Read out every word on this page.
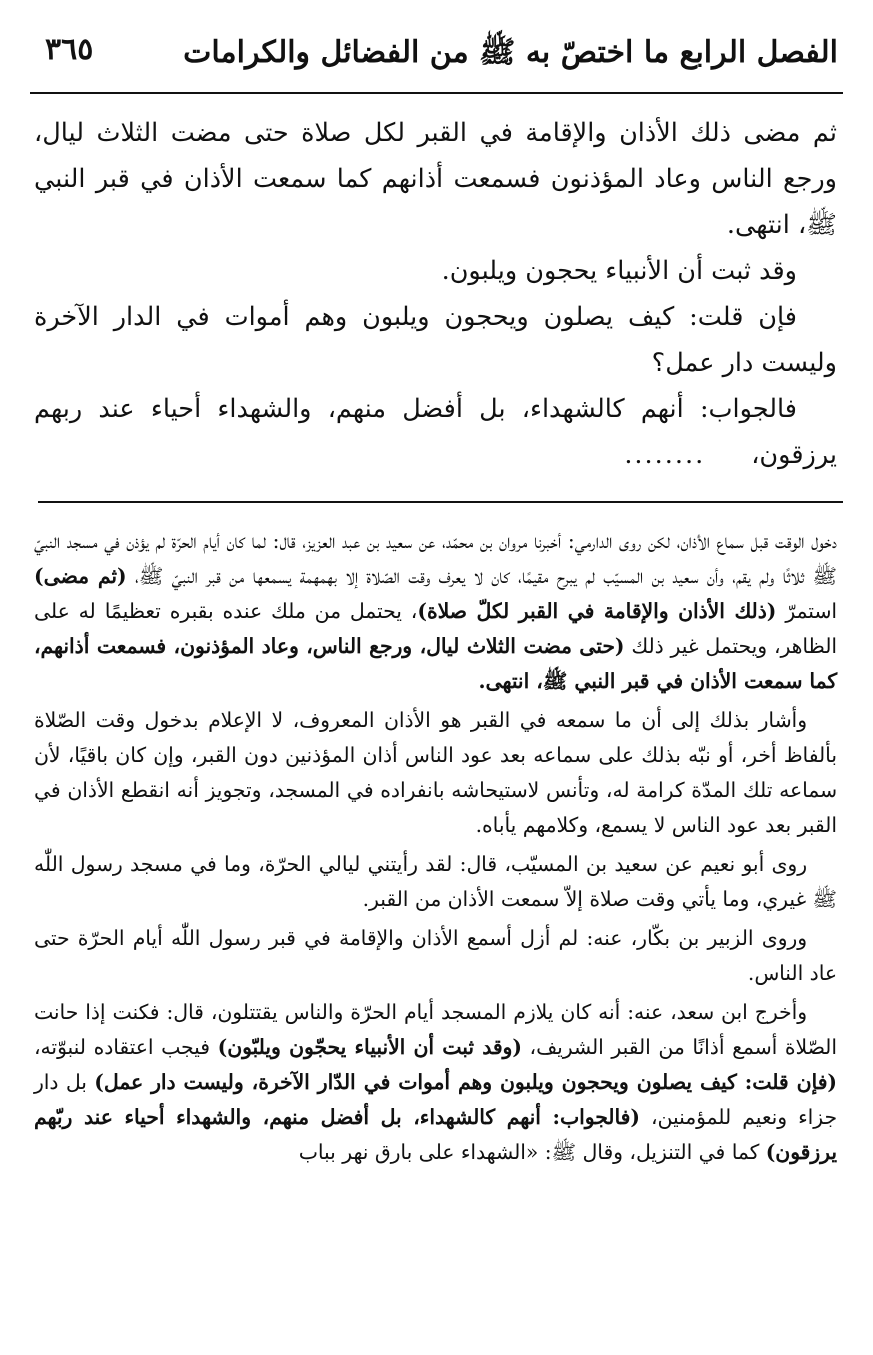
الفصل الرابع ما اختصّ به ﷺ من الفضائل والكرامات
٣٦٥

ثم مضى ذلك الأذان والإقامة في القبر لكل صلاة حتى مضت الثلاث ليال، ورجع الناس وعاد المؤذنون فسمعت أذانهم كما سمعت الأذان في قبر النبي ﷺ، انتهى.

وقد ثبت أن الأنبياء يحجون ويلبون.

فإن قلت: كيف يصلون ويحجون ويلبون وهم أموات في الدار الآخرة وليست دار عمل؟

فالجواب: أنهم كالشهداء، بل أفضل منهم، والشهداء أحياء عند ربهم يرزقون،........

دخول الوقت قبل سماع الأذان، لكن روى الدارمي: أخبرنا مروان بن محمّد، عن سعيد بن عبد العزيز، قال: لما كان أيام الحرّة لم يؤذن في مسجد النبيّ ﷺ ثلاثًا ولم يقم، وأن سعيد بن المسيّب لم يبرح مقيمًا، كان لا يعرف وقت الصّلاة إلا بهمهمة يسمعها من قبر النبيّ ﷺ، (ثم مضى) استمرّ (ذلك الأذان والإقامة في القبر لكلّ صلاة)، يحتمل من ملك عنده بقبره تعظيمًا له على الظاهر، ويحتمل غير ذلك (حتى مضت الثلاث ليال، ورجع الناس، وعاد المؤذنون، فسمعت أذانهم، كما سمعت الأذان في قبر النبي ﷺ، انتهى.

وأشار بذلك إلى أن ما سمعه في القبر هو الأذان المعروف، لا الإعلام بدخول وقت الصّلاة بألفاظ أخر، أو نبّه بذلك على سماعه بعد عود الناس أذان المؤذنين دون القبر، وإن كان باقيًا، لأن سماعه تلك المدّة كرامة له، وتأنس لاستيحاشه بانفراده في المسجد، وتجويز أنه انقطع الأذان في القبر بعد عود الناس لا يسمع، وكلامهم يأباه.

روى أبو نعيم عن سعيد بن المسيّب، قال: لقد رأيتني ليالي الحرّة، وما في مسجد رسول اللّٰه ﷺ غيري، وما يأتي وقت صلاة إلاّ سمعت الأذان من القبر.

وروى الزبير بن بكّار، عنه: لم أزل أسمع الأذان والإقامة في قبر رسول اللّٰه أيام الحرّة حتى عاد الناس.

وأخرج ابن سعد، عنه: أنه كان يلازم المسجد أيام الحرّة والناس يقتتلون، قال: فكنت إذا حانت الصّلاة أسمع أذانًا من القبر الشريف، (وقد ثبت أن الأنبياء يحجّون ويلبّون) فيجب اعتقاده لنبوّته، (فإن قلت: كيف يصلون ويحجون ويلبون وهم أموات في الدّار الآخرة، وليست دار عمل) بل دار جزاء ونعيم للمؤمنين، (فالجواب: أنهم كالشهداء، بل أفضل منهم، والشهداء أحياء عند ربّهم يرزقون) كما في التنزيل، وقال ﷺ: «الشهداء على بارق نهر بباب
